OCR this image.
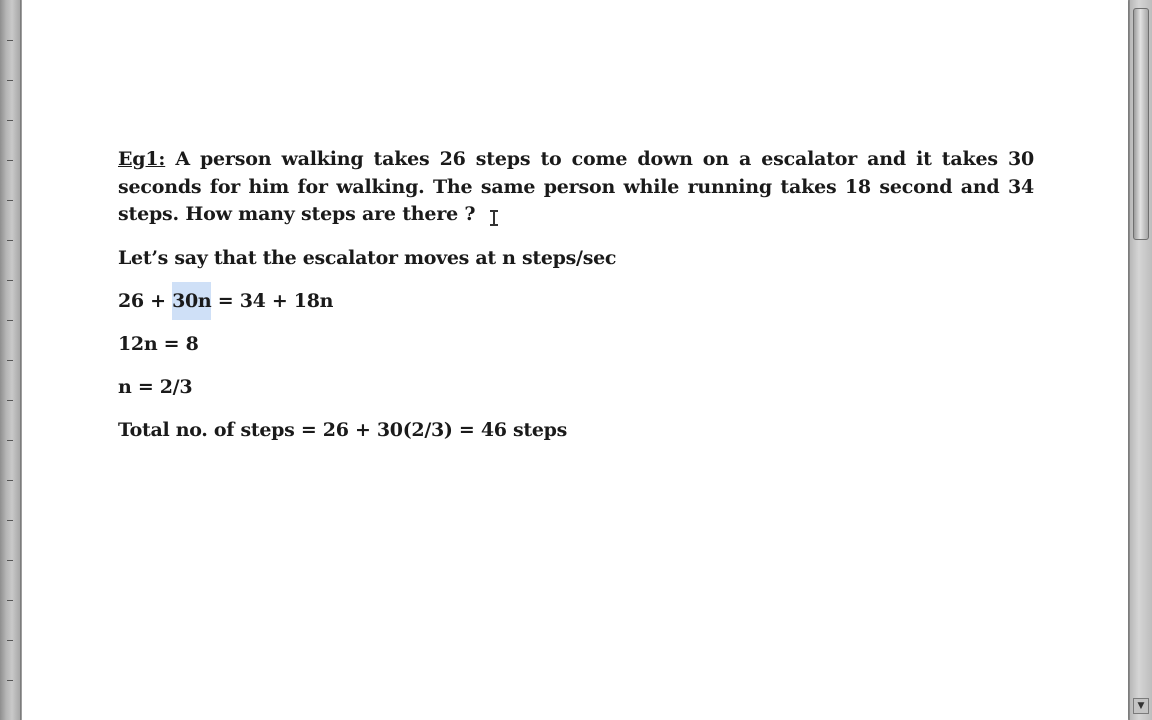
Eg1: A person walking takes 26 steps to come down on a escalator and it takes 30 seconds for him for walking. The same person while running takes 18 second and 34 steps. How many steps are there ?

Let’s say that the escalator moves at n steps/sec

26 + 30n = 34 + 18n

12n = 8

n = 2/3

Total no. of steps = 26 + 30(2/3) = 46 steps

▼
